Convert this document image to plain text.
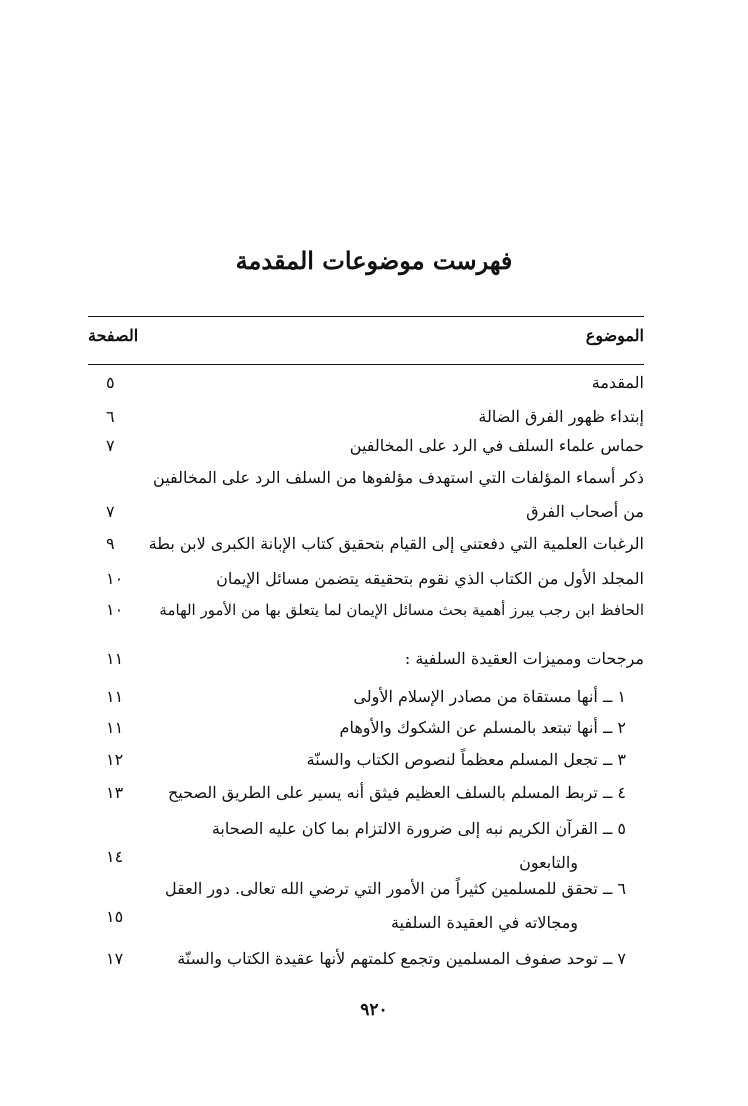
فهرست موضوعات المقدمة
الموضوع
الصفحة
المقدمة
٥
إبتداء ظهور الفرق الضالة
٦
حماس علماء السلف في الرد على المخالفين
٧
ذكر أسماء المؤلفات التي استهدف مؤلفوها من السلف الرد على المخالفين
من أصحاب الفرق
٧
الرغبات العلمية التي دفعتني إلى القيام بتحقيق كتاب الإبانة الكبرى لابن بطة
٩
المجلد الأول من الكتاب الذي نقوم بتحقيقه يتضمن مسائل الإيمان
١٠
الحافظ ابن رجب يبرز أهمية بحث مسائل الإيمان لما يتعلق بها من الأمور الهامة
١٠
مرجحات ومميزات العقيدة السلفية :
١١
١ ــ أنها مستقاة من مصادر الإسلام الأولى
١١
٢ ــ أنها تبتعد بالمسلم عن الشكوك والأوهام
١١
٣ ــ تجعل المسلم معظماً لنصوص الكتاب والسنّة
١٢
٤ ــ تربط المسلم بالسلف العظيم فيثق أنه يسير على الطريق الصحيح
١٣
٥ ــ القرآن الكريم نبه إلى ضرورة الالتزام بما كان عليه الصحابة
والتابعون
١٤
٦ ــ تحقق للمسلمين كثيراً من الأمور التي ترضي الله تعالى. دور العقل
ومجالاته في العقيدة السلفية
١٥
٧ ــ توحد صفوف المسلمين وتجمع كلمتهم لأنها عقيدة الكتاب والسنّة
١٧
٩٢٠
